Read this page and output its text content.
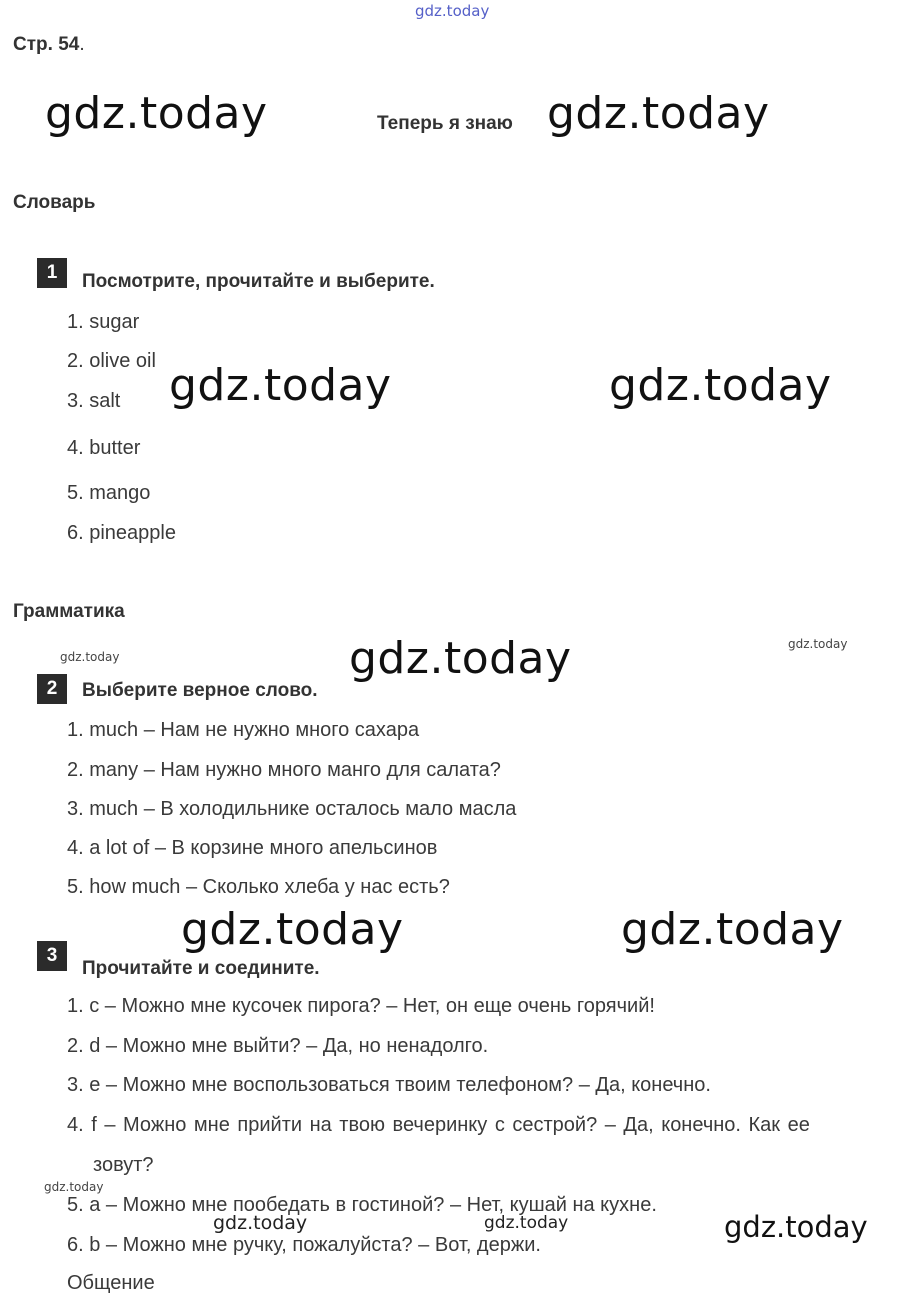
gdz.today
gdz.today	gdz.today
gdz.today	gdz.today
gdz.today	gdz.today	gdz.today
gdz.today	gdz.today
gdz.today
gdz.today	gdz.today	gdz.today
Стр. 54.
Теперь я знаю
Словарь
1	Посмотрите, прочитайте и выберите.
1. sugar
2. olive oil
3. salt
4. butter
5. mango
6. pineapple
Грамматика
2	Выберите верное слово.
1. much – Нам не нужно много сахара
2. many – Нам нужно много манго для салата?
3. much – В холодильнике осталось мало масла
4. a lot of – В корзине много апельсинов
5. how much – Сколько хлеба у нас есть?
3
Прочитайте и соедините.
1. c – Можно мне кусочек пирога? – Нет, он еще очень горячий!
2. d – Можно мне выйти? – Да, но ненадолго.
3. e – Можно мне воспользоваться твоим телефоном? – Да, конечно.
4. f – Можно мне прийти на твою вечеринку с сестрой? – Да, конечно. Как ее
зовут?
5. a – Можно мне пообедать в гостиной? – Нет, кушай на кухне.
6. b – Можно мне ручку, пожалуйста? – Вот, держи.
Общение
